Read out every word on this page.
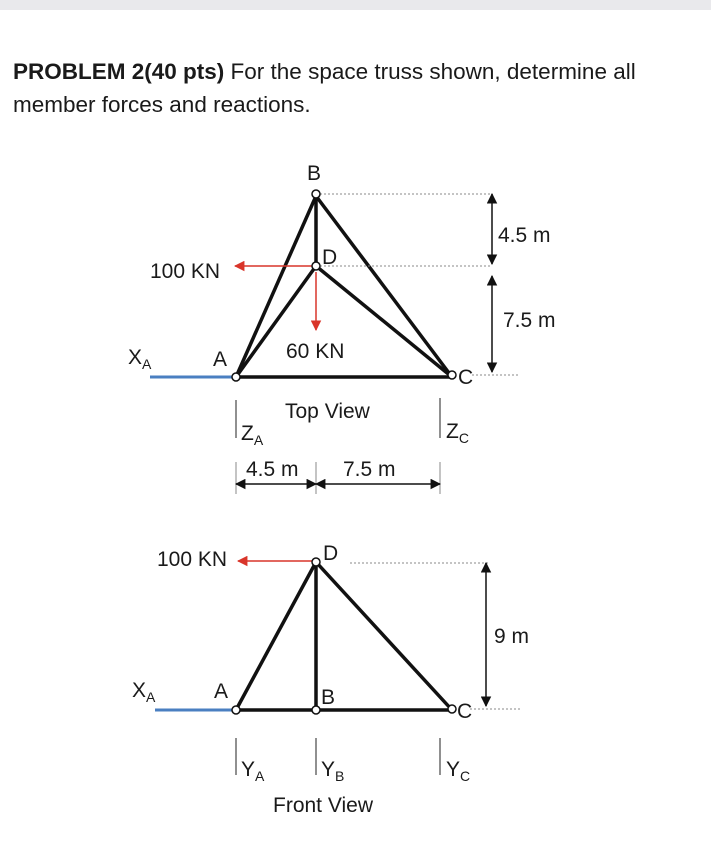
PROBLEM 2(40 pts) For the space truss shown, determine all member forces and reactions.
B
D
A
C
100 KN
60 KN
4.5 m
7.5 m
$X_A$
$Z_A$	$Z_C$
4.5 m 7.5 m
Top View
D
A	B
C
100 KN
9 m
$X_A$
$Y_A$	$Y_B$	$Y_C$
Front View
